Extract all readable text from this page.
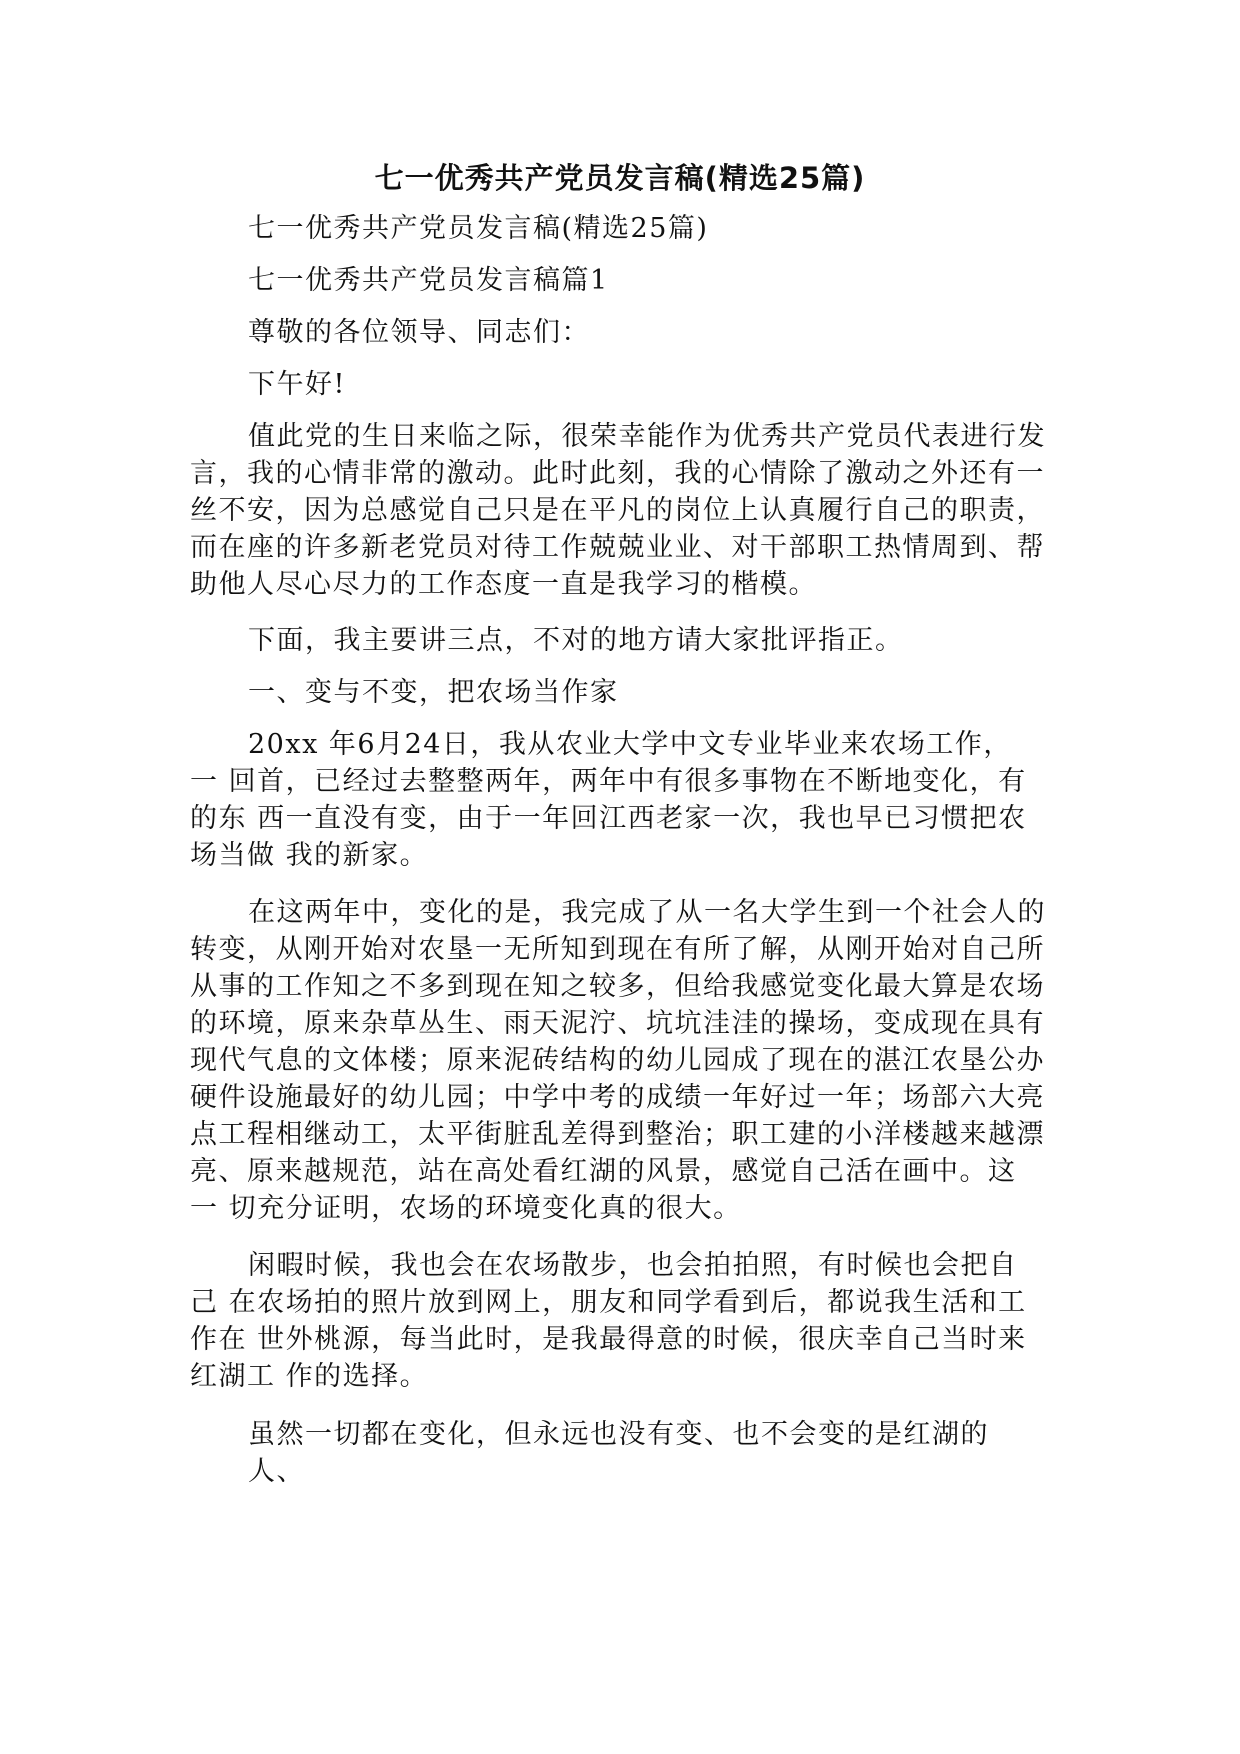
七一优秀共产党员发言稿(精选25篇)
七一优秀共产党员发言稿(精选25篇)
七一优秀共产党员发言稿篇1
尊敬的各位领导、同志们：
下午好!
值此党的生日来临之际，很荣幸能作为优秀共产党员代表进行发
言，我的心情非常的激动。此时此刻，我的心情除了激动之外还有一
丝不安，因为总感觉自己只是在平凡的岗位上认真履行自己的职责，
而在座的许多新老党员对待工作兢兢业业、对干部职工热情周到、帮
助他人尽心尽力的工作态度一直是我学习的楷模。
下面，我主要讲三点，不对的地方请大家批评指正。
一、变与不变，把农场当作家
20xx 年6月24日，我从农业大学中文专业毕业来农场工作，
一 回首，已经过去整整两年，两年中有很多事物在不断地变化，有
的东 西一直没有变，由于一年回江西老家一次，我也早已习惯把农
场当做 我的新家。
在这两年中，变化的是，我完成了从一名大学生到一个社会人的
转变，从刚开始对农垦一无所知到现在有所了解，从刚开始对自己所
从事的工作知之不多到现在知之较多，但给我感觉变化最大算是农场
的环境，原来杂草丛生、雨天泥泞、坑坑洼洼的操场，变成现在具有
现代气息的文体楼；原来泥砖结构的幼儿园成了现在的湛江农垦公办
硬件设施最好的幼儿园；中学中考的成绩一年好过一年；场部六大亮
点工程相继动工，太平街脏乱差得到整治；职工建的小洋楼越来越漂
亮、原来越规范，站在高处看红湖的风景，感觉自己活在画中。这
一 切充分证明，农场的环境变化真的很大。
闲暇时候，我也会在农场散步，也会拍拍照，有时候也会把自
己 在农场拍的照片放到网上，朋友和同学看到后，都说我生活和工
作在 世外桃源，每当此时，是我最得意的时候，很庆幸自己当时来
红湖工 作的选择。
虽然一切都在变化，但永远也没有变、也不会变的是红湖的
人、
